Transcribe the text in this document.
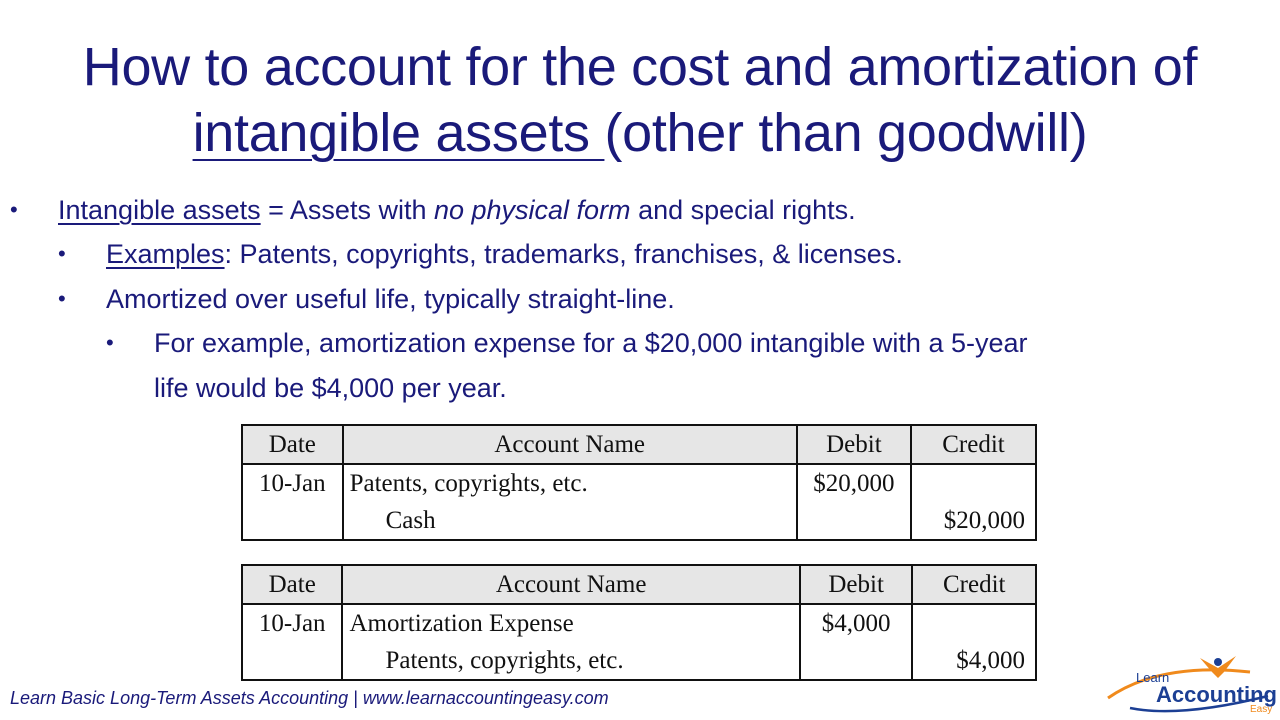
How to account for the cost and amortization of
intangible assets (other than goodwill)
• Intangible assets = Assets with no physical form and special rights.
• Examples: Patents, copyrights, trademarks, franchises, & licenses.
• Amortized over useful life, typically straight-line.
• For example, amortization expense for a $20,000 intangible with a 5-year
life would be $4,000 per year.
Date	Account Name	Debit	Credit
10-Jan	Patents, copyrights, etc.	$20,000	
	Cash		$20,000
Date	Account Name	Debit	Credit
10-Jan	Amortization Expense	$4,000	
	Patents, copyrights, etc.		$4,000
Learn Basic Long-Term Assets Accounting | www.learnaccountingeasy.com
Learn
Accounting
Easy
